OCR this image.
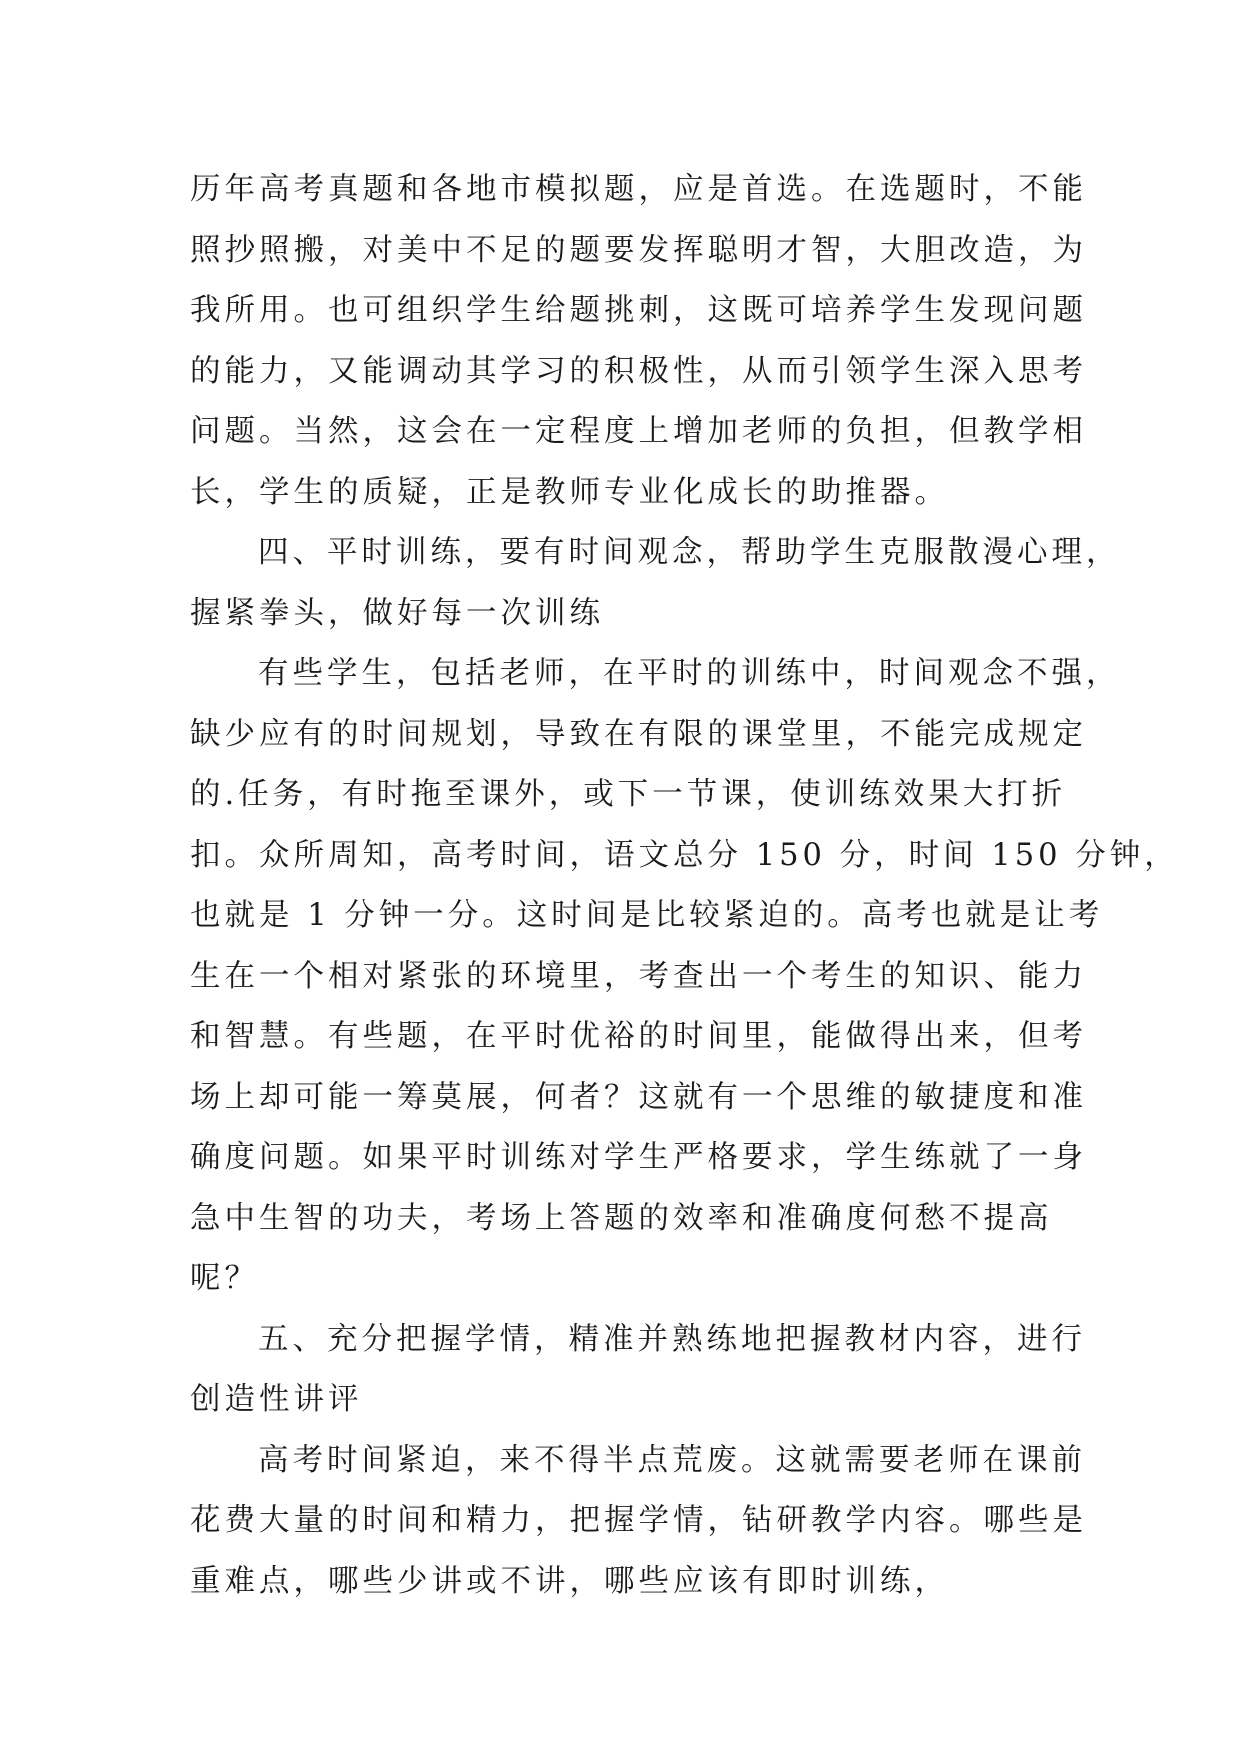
历年高考真题和各地市模拟题，应是首选。在选题时，不能
照抄照搬，对美中不足的题要发挥聪明才智，大胆改造，为
我所用。也可组织学生给题挑刺，这既可培养学生发现问题
的能力，又能调动其学习的积极性，从而引领学生深入思考
问题。当然，这会在一定程度上增加老师的负担，但教学相
长，学生的质疑，正是教师专业化成长的助推器。
四、平时训练，要有时间观念，帮助学生克服散漫心理，
握紧拳头，做好每一次训练
有些学生，包括老师，在平时的训练中，时间观念不强，
缺少应有的时间规划，导致在有限的课堂里，不能完成规定
的.任务，有时拖至课外，或下一节课，使训练效果大打折
扣。众所周知，高考时间，语文总分 150 分，时间 150 分钟，
也就是 1 分钟一分。这时间是比较紧迫的。高考也就是让考
生在一个相对紧张的环境里，考查出一个考生的知识、能力
和智慧。有些题，在平时优裕的时间里，能做得出来，但考
场上却可能一筹莫展，何者？这就有一个思维的敏捷度和准
确度问题。如果平时训练对学生严格要求，学生练就了一身
急中生智的功夫，考场上答题的效率和准确度何愁不提高
呢？
五、充分把握学情，精准并熟练地把握教材内容，进行
创造性讲评
高考时间紧迫，来不得半点荒废。这就需要老师在课前
花费大量的时间和精力，把握学情，钻研教学内容。哪些是
重难点，哪些少讲或不讲，哪些应该有即时训练，
